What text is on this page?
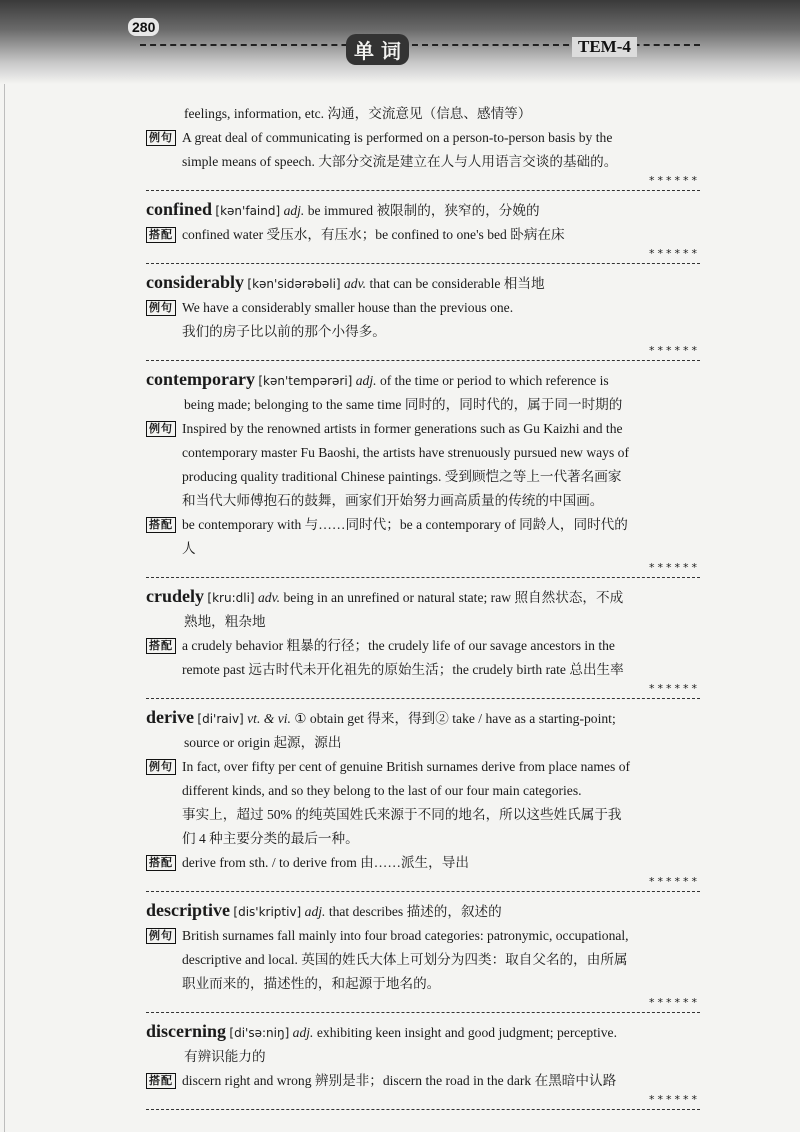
280
单 词	TEM-4
feelings, information, etc. 沟通，交流意见（信息、感情等）
例句 A great deal of communicating is performed on a person-to-person basis by the
simple means of speech. 大部分交流是建立在人与人用语言交谈的基础的。
******
confined [kən'faind] adj. be immured 被限制的，狭窄的，分娩的
搭配 confined water 受压水，有压水；be confined to one's bed 卧病在床
******
considerably [kən'sidərəbəli] adv. that can be considerable 相当地
例句 We have a considerably smaller house than the previous one.
我们的房子比以前的那个小得多。
******
contemporary [kən'tempərəri] adj. of the time or period to which reference is
being made; belonging to the same time 同时的，同时代的，属于同一时期的
例句 Inspired by the renowned artists in former generations such as Gu Kaizhi and the
contemporary master Fu Baoshi, the artists have strenuously pursued new ways of
producing quality traditional Chinese paintings. 受到顾恺之等上一代著名画家
和当代大师傅抱石的鼓舞，画家们开始努力画高质量的传统的中国画。
搭配 be contemporary with 与……同时代；be a contemporary of 同龄人，同时代的
人
******
crudely [kru:dli] adv. being in an unrefined or natural state; raw 照自然状态，不成
熟地，粗杂地
搭配 a crudely behavior 粗暴的行径；the crudely life of our savage ancestors in the
remote past 远古时代未开化祖先的原始生活；the crudely birth rate 总出生率
******
derive [di'raiv] vt. & vi. ① obtain get 得来，得到② take / have as a starting-point;
source or origin 起源，源出
例句 In fact, over fifty per cent of genuine British surnames derive from place names of
different kinds, and so they belong to the last of our four main categories.
事实上，超过 50% 的纯英国姓氏来源于不同的地名，所以这些姓氏属于我
们 4 种主要分类的最后一种。
搭配 derive from sth. / to derive from 由……派生，导出
******
descriptive [dis'kriptiv] adj. that describes 描述的，叙述的
例句 British surnames fall mainly into four broad categories: patronymic, occupational,
descriptive and local. 英国的姓氏大体上可划分为四类：取自父名的，由所属
职业而来的，描述性的，和起源于地名的。
******
discerning [di'sə:niŋ] adj. exhibiting keen insight and good judgment; perceptive.
有辨识能力的
搭配 discern right and wrong 辨别是非；discern the road in the dark 在黑暗中认路
******
